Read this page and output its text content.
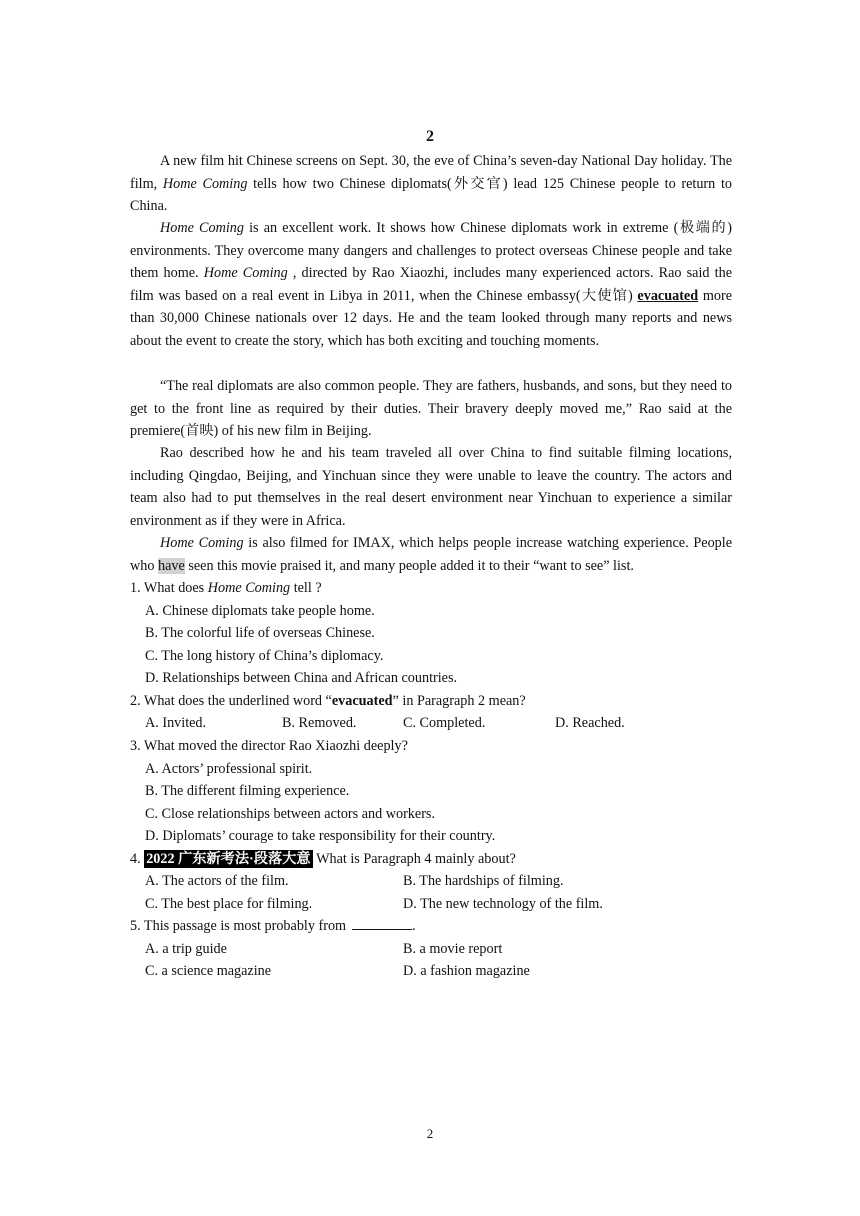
2

A new film hit Chinese screens on Sept. 30, the eve of China’s seven-day National Day holiday. The film, Home Coming tells how two Chinese diplomats(外交官) lead 125 Chinese people to return to China.

Home Coming is an excellent work. It shows how Chinese diplomats work in extreme (极端的) environments. They overcome many dangers and challenges to protect overseas Chinese people and take them home. Home Coming , directed by Rao Xiaozhi, includes many experienced actors. Rao said the film was based on a real event in Libya in 2011, when the Chinese embassy(大使馆) evacuated more than 30,000 Chinese nationals over 12 days. He and the team looked through many reports and news about the event to create the story, which has both exciting and touching moments.

“The real diplomats are also common people. They are fathers, husbands, and sons, but they need to get to the front line as required by their duties. Their bravery deeply moved me,” Rao said at the premiere(首映) of his new film in Beijing.

Rao described how he and his team traveled all over China to find suitable filming locations, including Qingdao, Beijing, and Yinchuan since they were unable to leave the country. The actors and team also had to put themselves in the real desert environment near Yinchuan to experience a similar environment as if they were in Africa.

Home Coming is also filmed for IMAX, which helps people increase watching experience. People who have seen this movie praised it, and many people added it to their “want to see” list.

1. What does Home Coming tell ?
A. Chinese diplomats take people home.
B. The colorful life of overseas Chinese.
C. The long history of China’s diplomacy.
D. Relationships between China and African countries.
2. What does the underlined word “evacuated” in Paragraph 2 mean?
A. Invited.	B. Removed.	C. Completed.	D. Reached.
3. What moved the director Rao Xiaozhi deeply?
A. Actors’ professional spirit.
B. The different filming experience.
C. Close relationships between actors and workers.
D. Diplomats’ courage to take responsibility for their country.
4. 2022 广东新考法·段落大意 What is Paragraph 4 mainly about?
A. The actors of the film.	B. The hardships of filming.
C. The best place for filming.	D. The new technology of the film.
5. This passage is most probably from	.
A. a trip guide	B. a movie report
C. a science magazine	D. a fashion magazine
2
